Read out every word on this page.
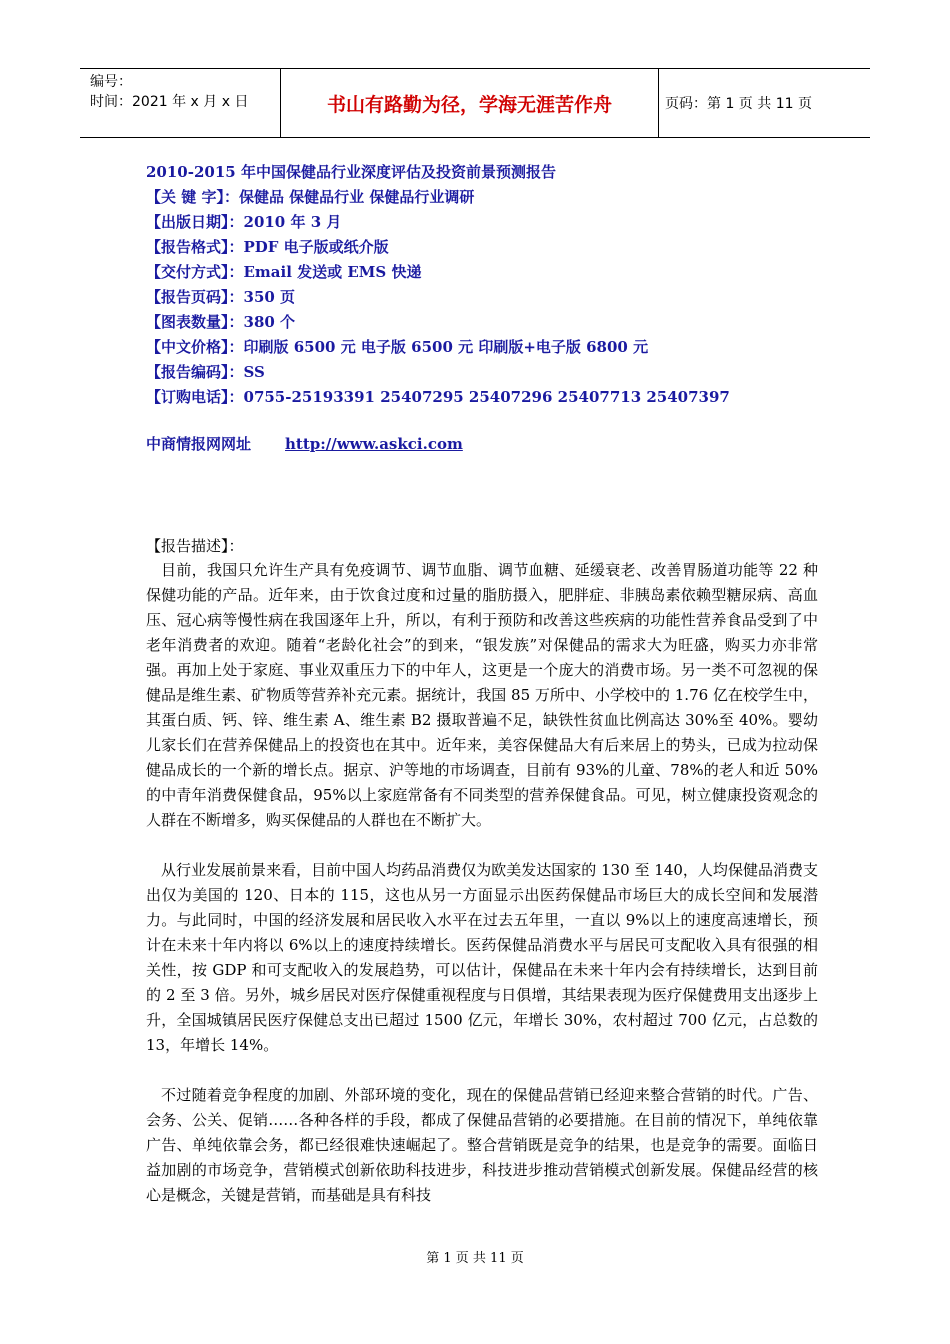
编号：
时间：2021 年 x 月 x 日	书山有路勤为径，学海无涯苦作舟	页码：第 1 页 共 11 页
2010-2015 年中国保健品行业深度评估及投资前景预测报告
【关 键 字】：保健品 保健品行业 保健品行业调研
【出版日期】：2010 年 3 月
【报告格式】：PDF 电子版或纸介版
【交付方式】：Email 发送或 EMS 快递
【报告页码】：350 页
【图表数量】：380 个
【中文价格】：印刷版 6500 元 电子版 6500 元 印刷版+电子版 6800 元
【报告编码】：SS
【订购电话】：0755-25193391 25407295 25407296 25407713 25407397
中商情报网网址 http://www.askci.com
【报告描述】：

目前，我国只允许生产具有免疫调节、调节血脂、调节血糖、延缓衰老、改善胃肠道功能等 22 种保健功能的产品。近年来，由于饮食过度和过量的脂肪摄入，肥胖症、非胰岛素依赖型糖尿病、高血压、冠心病等慢性病在我国逐年上升，所以，有利于预防和改善这些疾病的功能性营养食品受到了中老年消费者的欢迎。随着“老龄化社会”的到来，“银发族”对保健品的需求大为旺盛，购买力亦非常强。再加上处于家庭、事业双重压力下的中年人，这更是一个庞大的消费市场。另一类不可忽视的保健品是维生素、矿物质等营养补充元素。据统计，我国 85 万所中、小学校中的 1.76 亿在校学生中，其蛋白质、钙、锌、维生素 A、维生素 B2 摄取普遍不足，缺铁性贫血比例高达 30%至 40%。婴幼儿家长们在营养保健品上的投资也在其中。近年来，美容保健品大有后来居上的势头，已成为拉动保健品成长的一个新的增长点。据京、沪等地的市场调查，目前有 93%的儿童、78%的老人和近 50%的中青年消费保健食品，95%以上家庭常备有不同类型的营养保健食品。可见，树立健康投资观念的人群在不断增多，购买保健品的人群也在不断扩大。

从行业发展前景来看，目前中国人均药品消费仅为欧美发达国家的 130 至 140，人均保健品消费支出仅为美国的 120、日本的 115，这也从另一方面显示出医药保健品市场巨大的成长空间和发展潜力。与此同时，中国的经济发展和居民收入水平在过去五年里，一直以 9%以上的速度高速增长，预计在未来十年内将以 6%以上的速度持续增长。医药保健品消费水平与居民可支配收入具有很强的相关性，按 GDP 和可支配收入的发展趋势，可以估计，保健品在未来十年内会有持续增长，达到目前的 2 至 3 倍。另外，城乡居民对医疗保健重视程度与日俱增，其结果表现为医疗保健费用支出逐步上升，全国城镇居民医疗保健总支出已超过 1500 亿元，年增长 30%，农村超过 700 亿元，占总数的 13，年增长 14%。

不过随着竞争程度的加剧、外部环境的变化，现在的保健品营销已经迎来整合营销的时代。广告、会务、公关、促销……各种各样的手段，都成了保健品营销的必要措施。在目前的情况下，单纯依靠广告、单纯依靠会务，都已经很难快速崛起了。整合营销既是竞争的结果，也是竞争的需要。面临日益加剧的市场竞争，营销模式创新依助科技进步，科技进步推动营销模式创新发展。保健品经营的核心是概念，关键是营销，而基础是具有科技

第 1 页 共 11 页
